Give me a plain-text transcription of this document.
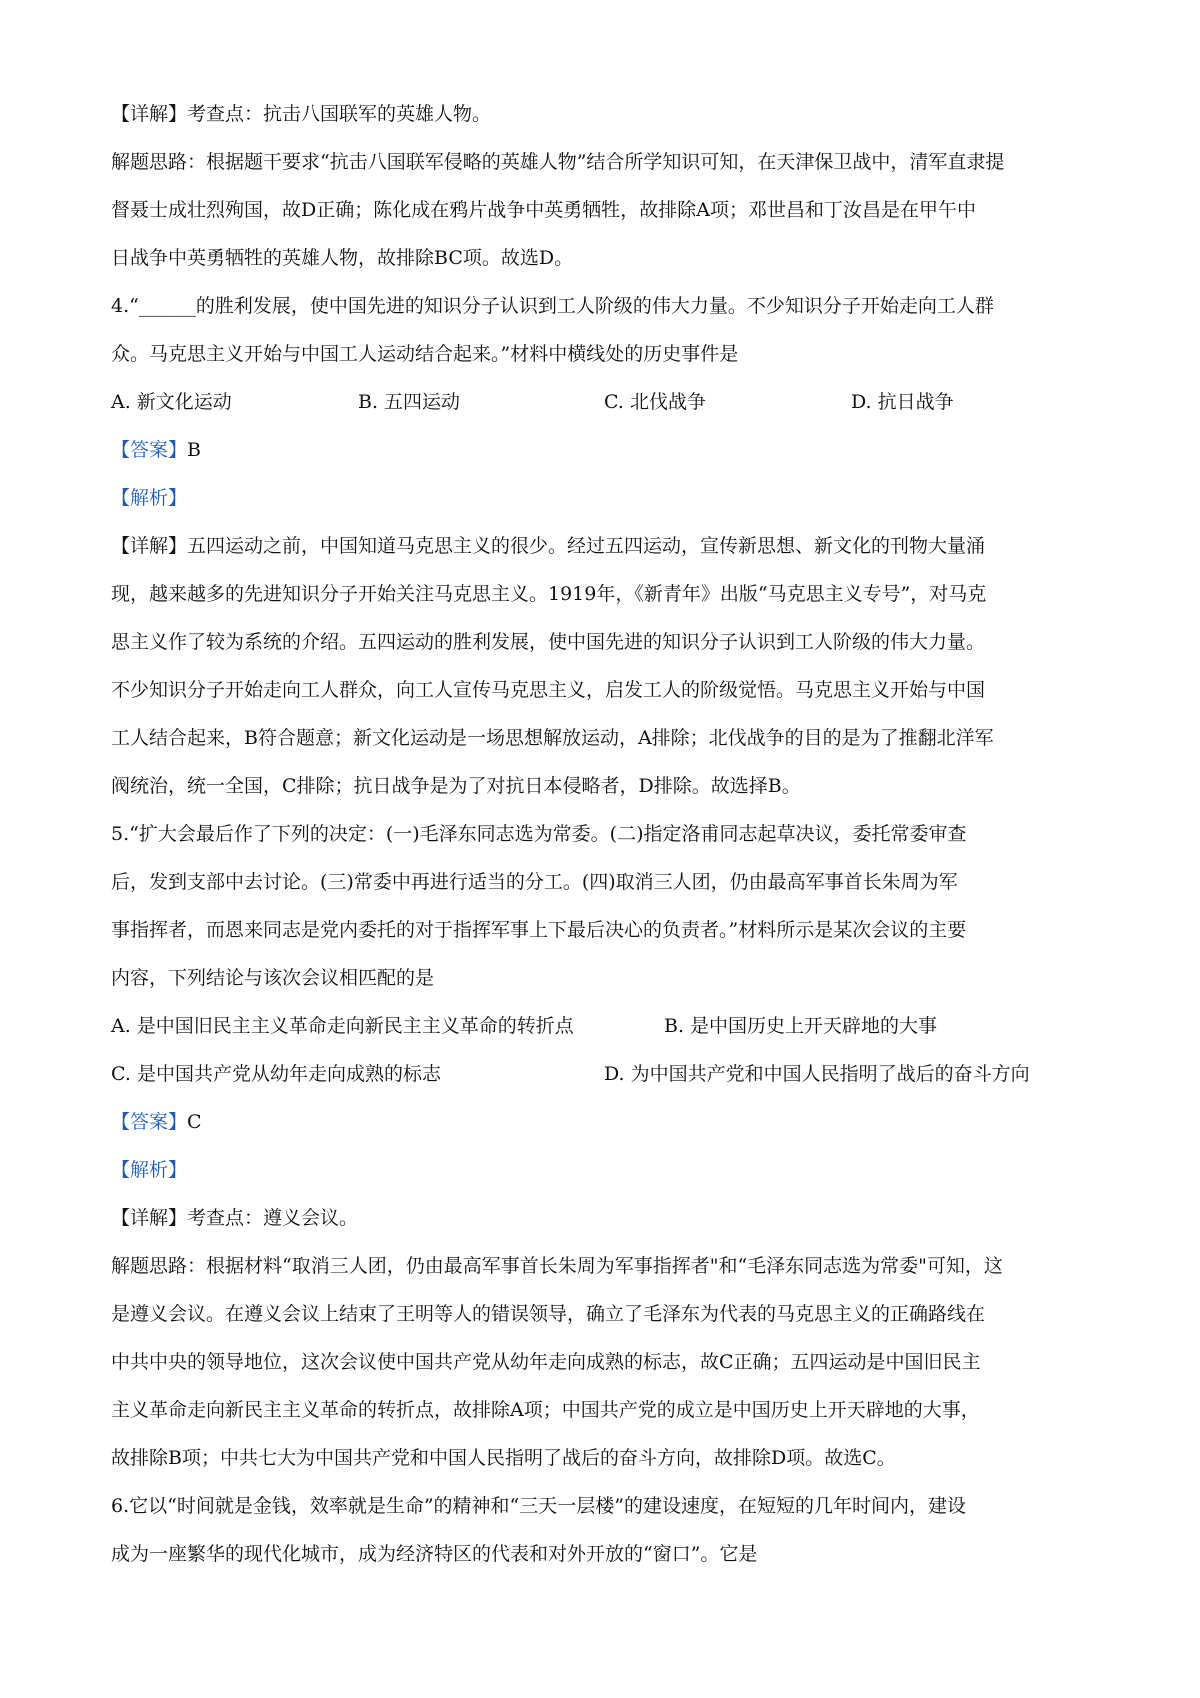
【详解】考查点：抗击八国联军的英雄人物。
解题思路：根据题干要求“抗击八国联军侵略的英雄人物”结合所学知识可知，在天津保卫战中，清军直隶提
督聂士成壮烈殉国，故D正确；陈化成在鸦片战争中英勇牺牲，故排除A项；邓世昌和丁汝昌是在甲午中
日战争中英勇牺牲的英雄人物，故排除BC项。故选D。
4.“______的胜利发展，使中国先进的知识分子认识到工人阶级的伟大力量。不少知识分子开始走向工人群
众。马克思主义开始与中国工人运动结合起来。”材料中横线处的历史事件是
A. 新文化运动	B. 五四运动	C. 北伐战争	D. 抗日战争
【答案】B
【解析】
【详解】五四运动之前，中国知道马克思主义的很少。经过五四运动，宣传新思想、新文化的刊物大量涌
现，越来越多的先进知识分子开始关注马克思主义。1919年，《新青年》出版“马克思主义专号”，对马克
思主义作了较为系统的介绍。五四运动的胜利发展，使中国先进的知识分子认识到工人阶级的伟大力量。
不少知识分子开始走向工人群众，向工人宣传马克思主义，启发工人的阶级觉悟。马克思主义开始与中国
工人结合起来，B符合题意；新文化运动是一场思想解放运动，A排除；北伐战争的目的是为了推翻北洋军
阀统治，统一全国，C排除；抗日战争是为了对抗日本侵略者，D排除。故选择B。
5.“扩大会最后作了下列的决定：(一)毛泽东同志选为常委。(二)指定洛甫同志起草决议，委托常委审查
后，发到支部中去讨论。(三)常委中再进行适当的分工。(四)取消三人团，仍由最高军事首长朱周为军
事指挥者，而恩来同志是党内委托的对于指挥军事上下最后决心的负责者。”材料所示是某次会议的主要
内容，下列结论与该次会议相匹配的是
A. 是中国旧民主主义革命走向新民主主义革命的转折点	B. 是中国历史上开天辟地的大事
C. 是中国共产党从幼年走向成熟的标志	D. 为中国共产党和中国人民指明了战后的奋斗方向
【答案】C
【解析】
【详解】考查点：遵义会议。
解题思路：根据材料“取消三人团，仍由最高军事首长朱周为军事指挥者"和“毛泽东同志选为常委"可知，这
是遵义会议。在遵义会议上结束了王明等人的错误领导，确立了毛泽东为代表的马克思主义的正确路线在
中共中央的领导地位，这次会议使中国共产党从幼年走向成熟的标志，故C正确；五四运动是中国旧民主
主义革命走向新民主主义革命的转折点，故排除A项；中国共产党的成立是中国历史上开天辟地的大事，
故排除B项；中共七大为中国共产党和中国人民指明了战后的奋斗方向，故排除D项。故选C。
6.它以“时间就是金钱，效率就是生命”的精神和“三天一层楼”的建设速度，在短短的几年时间内，建设
成为一座繁华的现代化城市，成为经济特区的代表和对外开放的“窗口”。它是
